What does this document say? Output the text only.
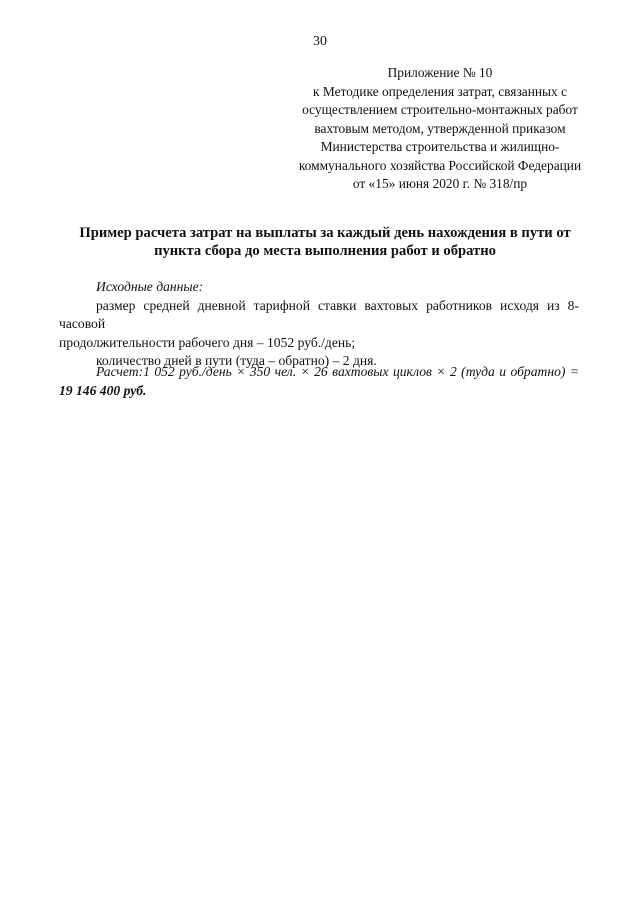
30
Приложение № 10
к Методике определения затрат, связанных с
осуществлением строительно-монтажных работ
вахтовым методом, утвержденной приказом
Министерства строительства и жилищно-
коммунального хозяйства Российской Федерации
от «15» июня 2020 г. № 318/пр
Пример расчета затрат на выплаты за каждый день нахождения в пути от
пункта сбора до места выполнения работ и обратно

Исходные данные:

размер средней дневной тарифной ставки вахтовых работников исходя из 8-часовой

продолжительности рабочего дня – 1052 руб./день;

количество дней в пути (туда – обратно) – 2 дня.

Расчет:1 052 руб./день × 350 чел. × 26 вахтовых циклов × 2 (туда и обратно) =

19 146 400 руб.
